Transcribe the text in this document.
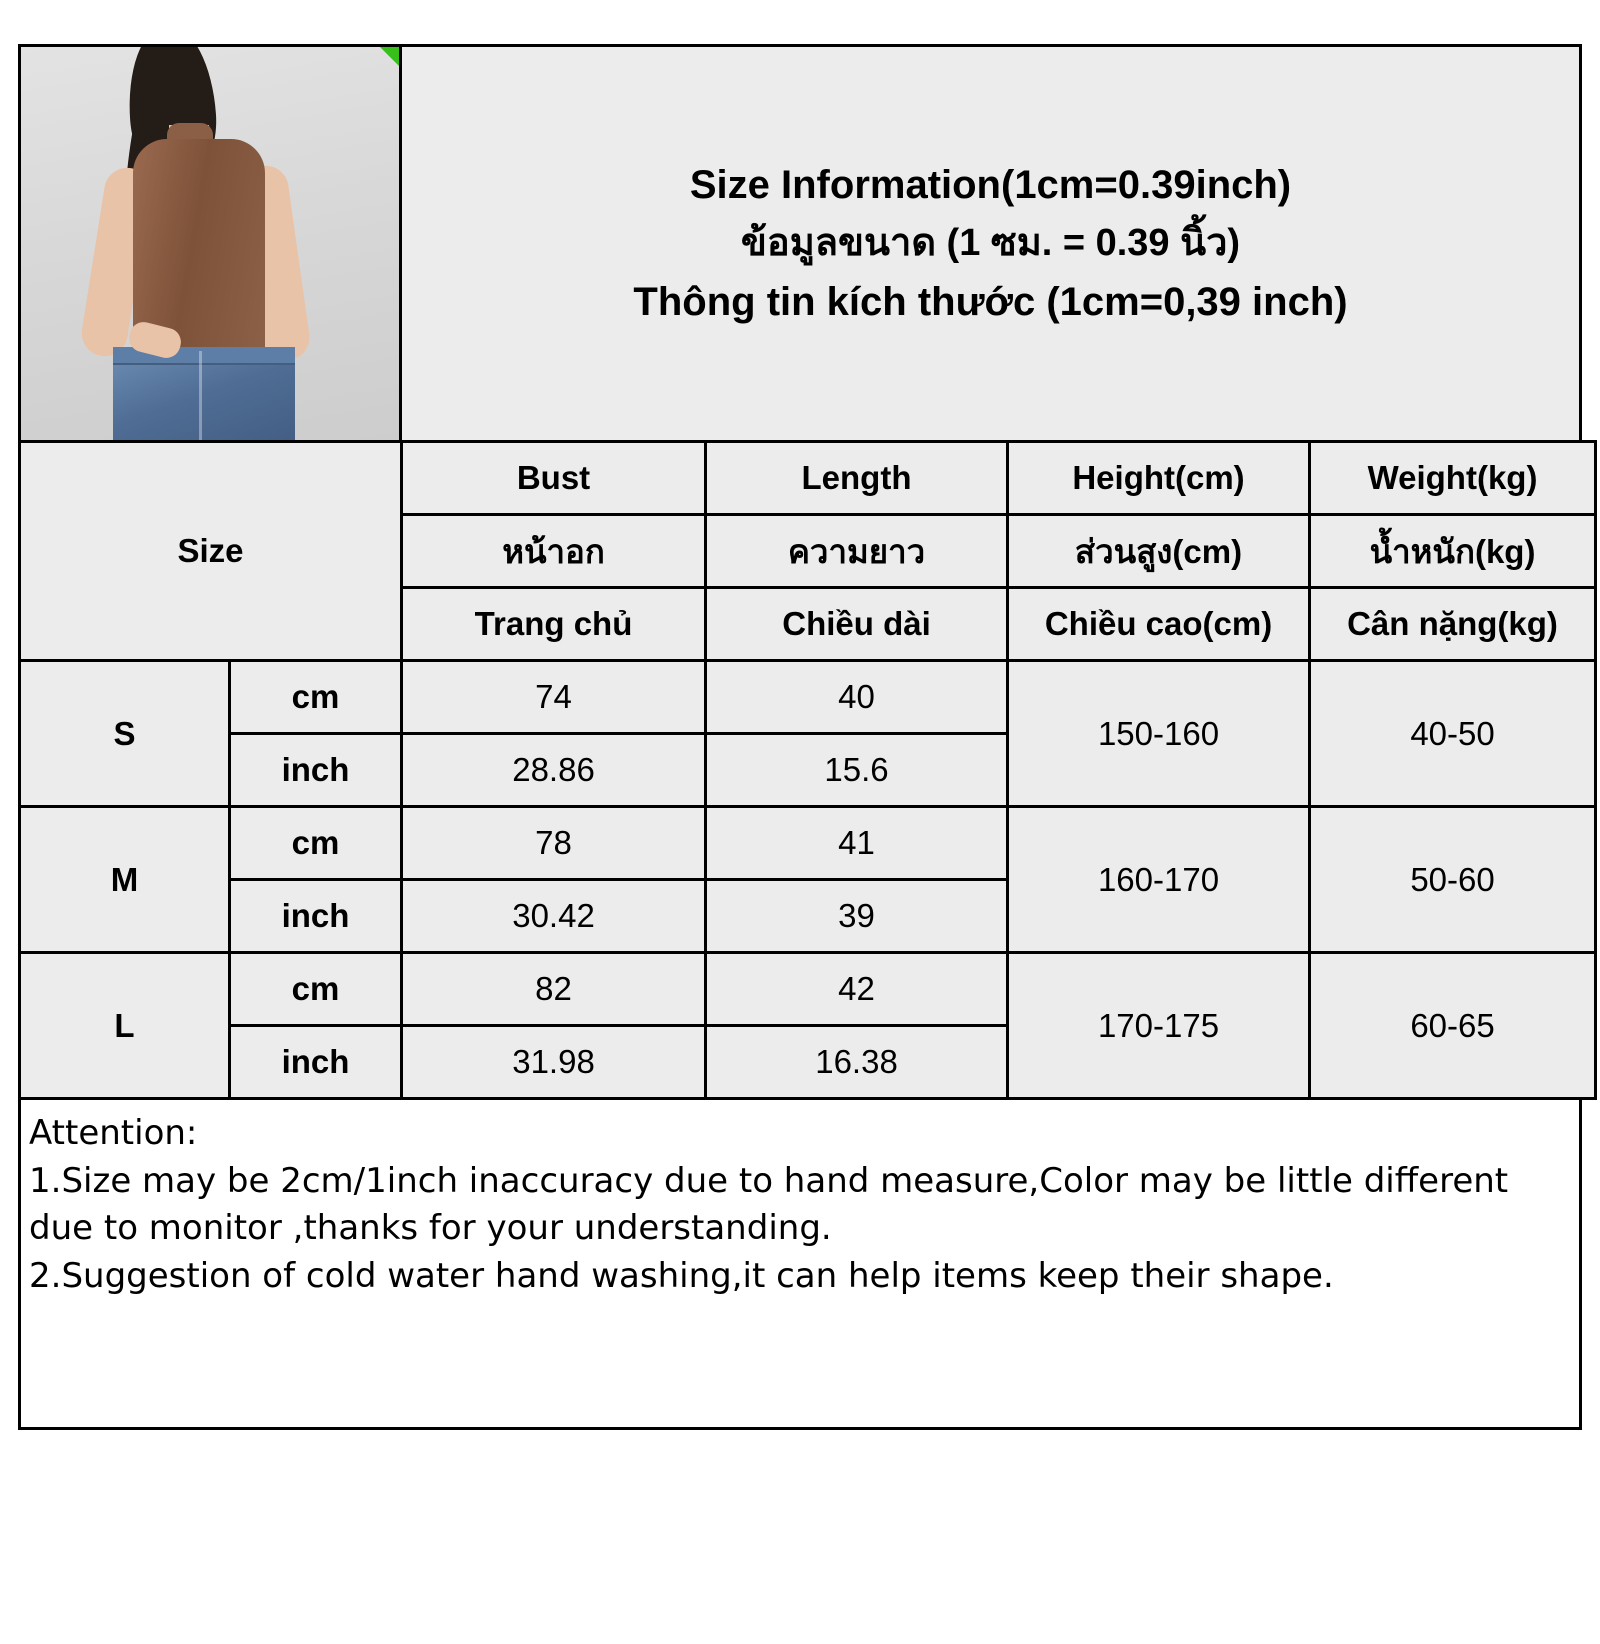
Size Information(1cm=0.39inch)
ข้อมูลขนาด (1 ซม. = 0.39 นิ้ว)
Thông tin kích thước (1cm=0,39 inch)
Size		Bust	Length	Height(cm)	Weight(kg)
		หน้าอก	ความยาว	ส่วนสูง(cm)	น้ำหนัก(kg)
		Trang chủ	Chiều dài	Chiều cao(cm)	Cân nặng(kg)
S	cm	74	40	150-160	40-50
	inch	28.86	15.6		
M	cm	78	41	160-170	50-60
	inch	30.42	39		
L	cm	82	42	170-175	60-65
	inch	31.98	16.38		

Attention:

1.Size may be 2cm/1inch inaccuracy due to hand measure,Color may be little different

due to monitor ,thanks for your understanding.

2.Suggestion of cold water hand washing,it can help items keep their shape.
